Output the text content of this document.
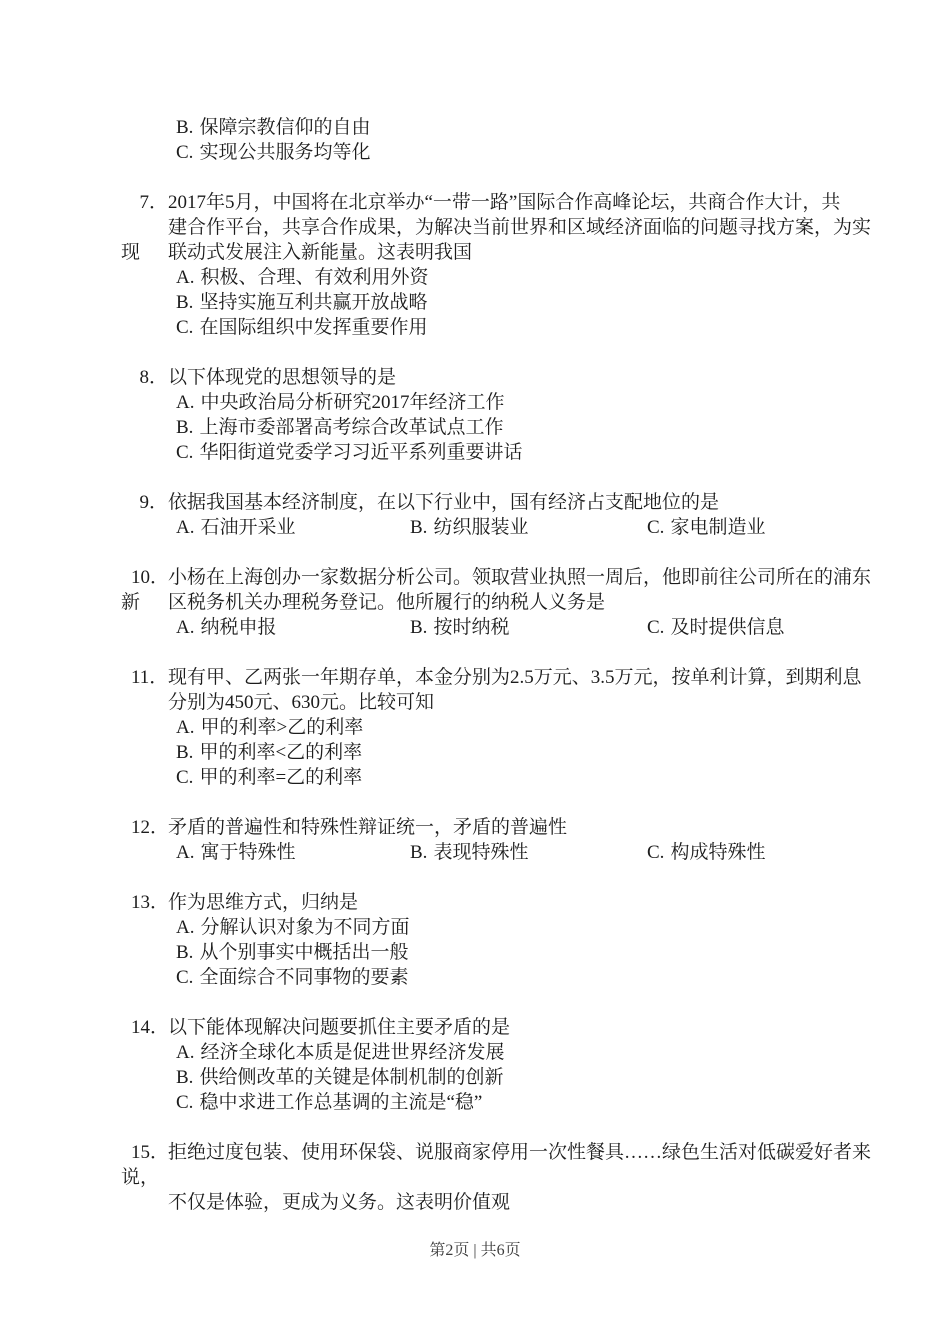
B. 保障宗教信仰的自由
C. 实现公共服务均等化
7．2017年5月，中国将在北京举办“一带一路”国际合作高峰论坛，共商合作大计，共
建合作平台，共享合作成果，为解决当前世界和区域经济面临的问题寻找方案，为实
现 联动式发展注入新能量。这表明我国
A. 积极、合理、有效利用外资
B. 坚持实施互利共赢开放战略
C. 在国际组织中发挥重要作用
8．以下体现党的思想领导的是
A. 中央政治局分析研究2017年经济工作
B. 上海市委部署高考综合改革试点工作
C. 华阳街道党委学习习近平系列重要讲话
9．依据我国基本经济制度，在以下行业中，国有经济占支配地位的是
A. 石油开采业	B. 纺织服装业	C. 家电制造业
10．小杨在上海创办一家数据分析公司。领取营业执照一周后，他即前往公司所在的浦东
新 区税务机关办理税务登记。他所履行的纳税人义务是
A. 纳税申报	B. 按时纳税	C. 及时提供信息
11．现有甲、乙两张一年期存单，本金分别为2.5万元、3.5万元，按单利计算，到期利息
分别为450元、630元。比较可知
A. 甲的利率>乙的利率
B. 甲的利率<乙的利率
C. 甲的利率=乙的利率
12．矛盾的普遍性和特殊性辩证统一，矛盾的普遍性
A. 寓于特殊性	B. 表现特殊性	C. 构成特殊性
13．作为思维方式，归纳是
A. 分解认识对象为不同方面
B. 从个别事实中概括出一般
C. 全面综合不同事物的要素
14．以下能体现解决问题要抓住主要矛盾的是
A. 经济全球化本质是促进世界经济发展
B. 供给侧改革的关键是体制机制的创新
C. 稳中求进工作总基调的主流是“稳”
15．拒绝过度包装、使用环保袋、说服商家停用一次性餐具……绿色生活对低碳爱好者来
说，
不仅是体验，更成为义务。这表明价值观
第2页 | 共6页
